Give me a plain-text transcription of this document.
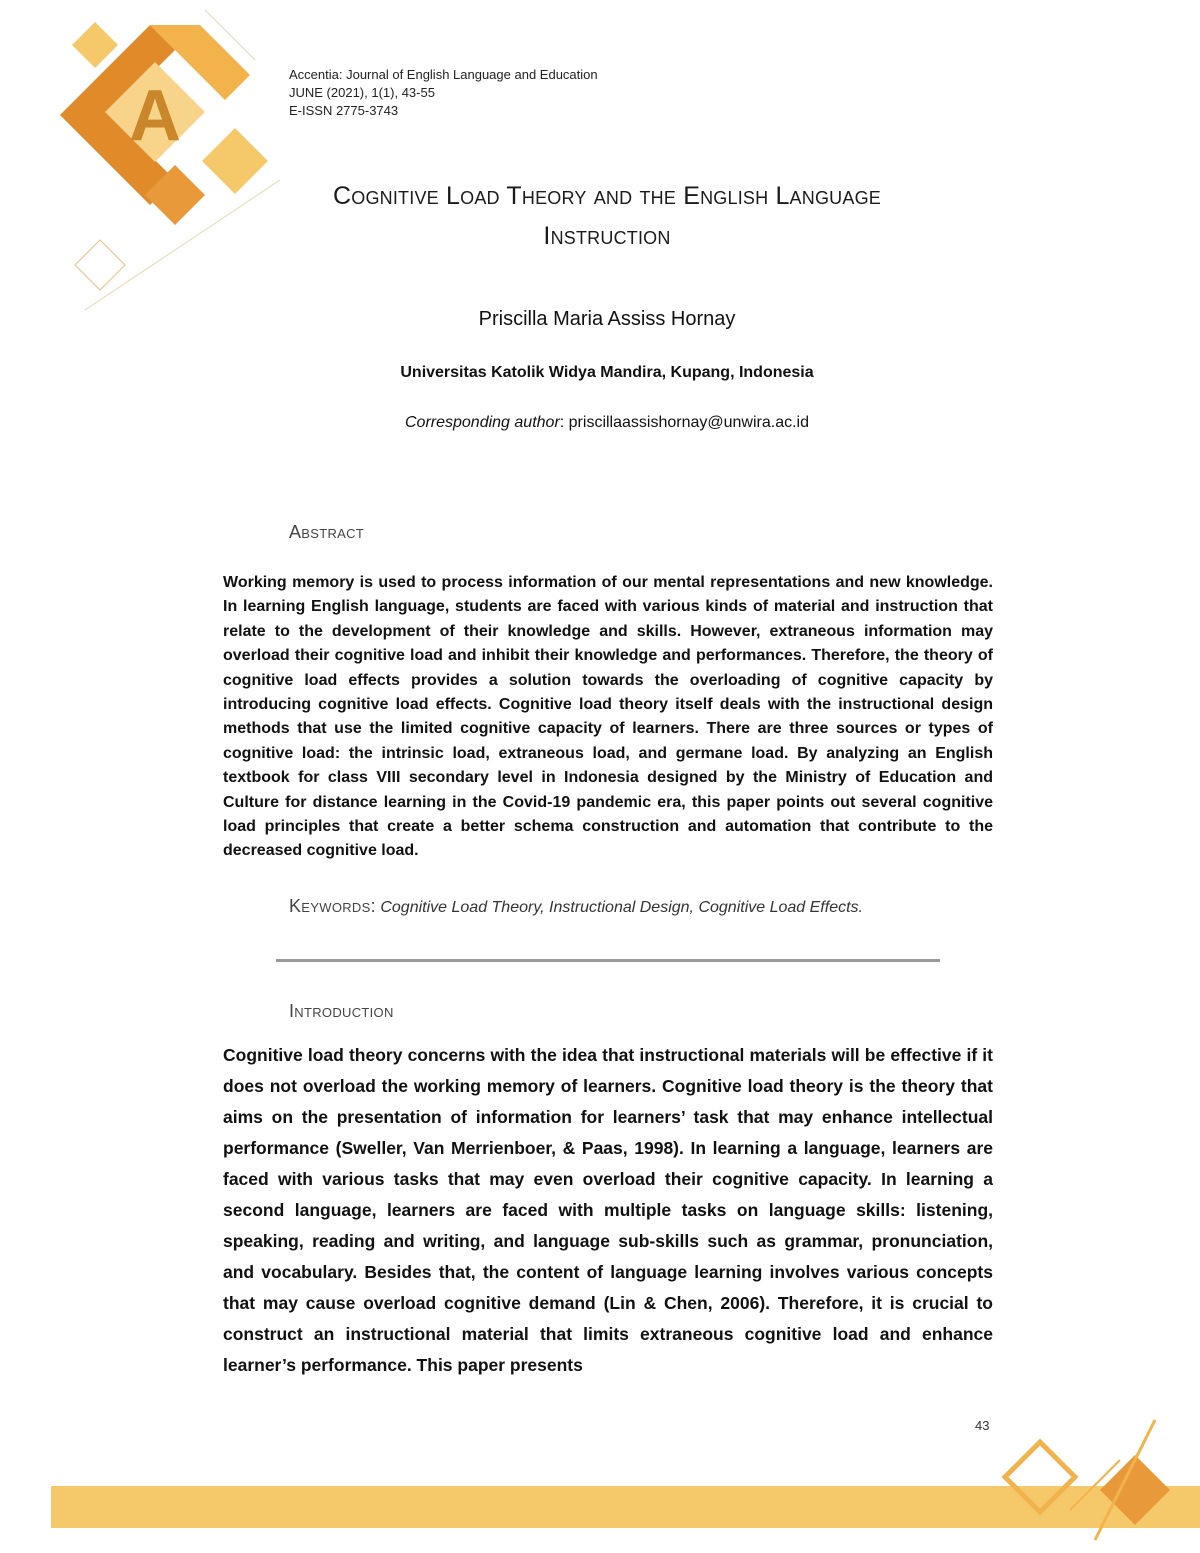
A
Accentia: Journal of English Language and Education
JUNE (2021), 1(1), 43-55
E-ISSN 2775-3743
Cognitive Load Theory and the English Language
Instruction
Priscilla Maria Assiss Hornay
Universitas Katolik Widya Mandira, Kupang, Indonesia
Corresponding author: priscillaassishornay@unwira.ac.id
Abstract
Working memory is used to process information of our mental representations and new knowledge. In learning English language, students are faced with various kinds of material and instruction that relate to the development of their knowledge and skills. However, extraneous information may overload their cognitive load and inhibit their knowledge and performances. Therefore, the theory of cognitive load effects provides a solution towards the overloading of cognitive capacity by introducing cognitive load effects. Cognitive load theory itself deals with the instructional design methods that use the limited cognitive capacity of learners. There are three sources or types of cognitive load: the intrinsic load, extraneous load, and germane load. By analyzing an English textbook for class VIII secondary level in Indonesia designed by the Ministry of Education and Culture for distance learning in the Covid-19 pandemic era, this paper points out several cognitive load principles that create a better schema construction and automation that contribute to the decreased cognitive load.
Keywords: Cognitive Load Theory, Instructional Design, Cognitive Load Effects.
Introduction
Cognitive load theory concerns with the idea that instructional materials will be effective if it does not overload the working memory of learners. Cognitive load theory is the theory that aims on the presentation of information for learners’ task that may enhance intellectual performance (Sweller, Van Merrienboer, & Paas, 1998). In learning a language, learners are faced with various tasks that may even overload their cognitive capacity. In learning a second language, learners are faced with multiple tasks on language skills: listening, speaking, reading and writing, and language sub-skills such as grammar, pronunciation, and vocabulary. Besides that, the content of language learning involves various concepts that may cause overload cognitive demand (Lin & Chen, 2006). Therefore, it is crucial to construct an instructional material that limits extraneous cognitive load and enhance learner’s performance. This paper presents
43
